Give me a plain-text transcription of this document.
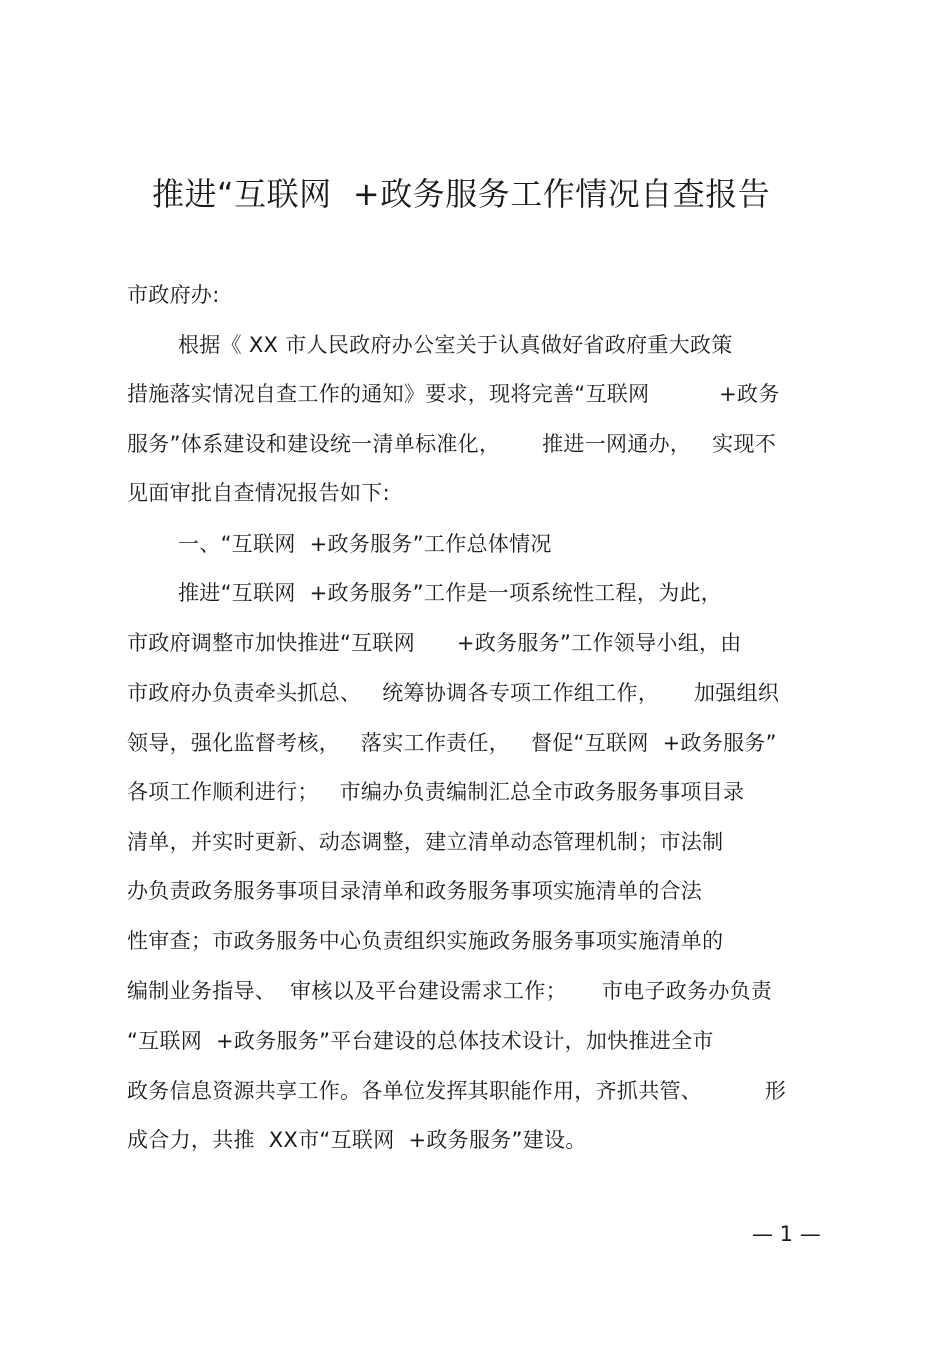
推进“互联网  +政务服务工作情况自查报告
市政府办:
根据《 XX 市人民政府办公室关于认真做好省政府重大政策
措施落实情况自查工作的通知》要求，现将完善“互联网          +政务
服务”体系建设和建设统一清单标准化，      推进一网通办，   实现不
见面审批自查情况报告如下:
一、“互联网  +政务服务”工作总体情况
推进“互联网  +政务服务”工作是一项系统性工程，为此，
市政府调整市加快推进“互联网      +政务服务”工作领导小组，由
市政府办负责牵头抓总、   统筹协调各专项工作组工作，     加强组织
领导，强化监督考核，   落实工作责任，   督促“互联网  +政务服务”
各项工作顺利进行；   市编办负责编制汇总全市政务服务事项目录
清单，并实时更新、动态调整，建立清单动态管理机制；市法制
办负责政务服务事项目录清单和政务服务事项实施清单的合法
性审查；市政务服务中心负责组织实施政务服务事项实施清单的
编制业务指导、  审核以及平台建设需求工作；     市电子政务办负责
“互联网  +政务服务”平台建设的总体技术设计，加快推进全市
政务信息资源共享工作。各单位发挥其职能作用，齐抓共管、         形
成合力，共推  XX市“互联网  +政务服务”建设。
— 1 —
